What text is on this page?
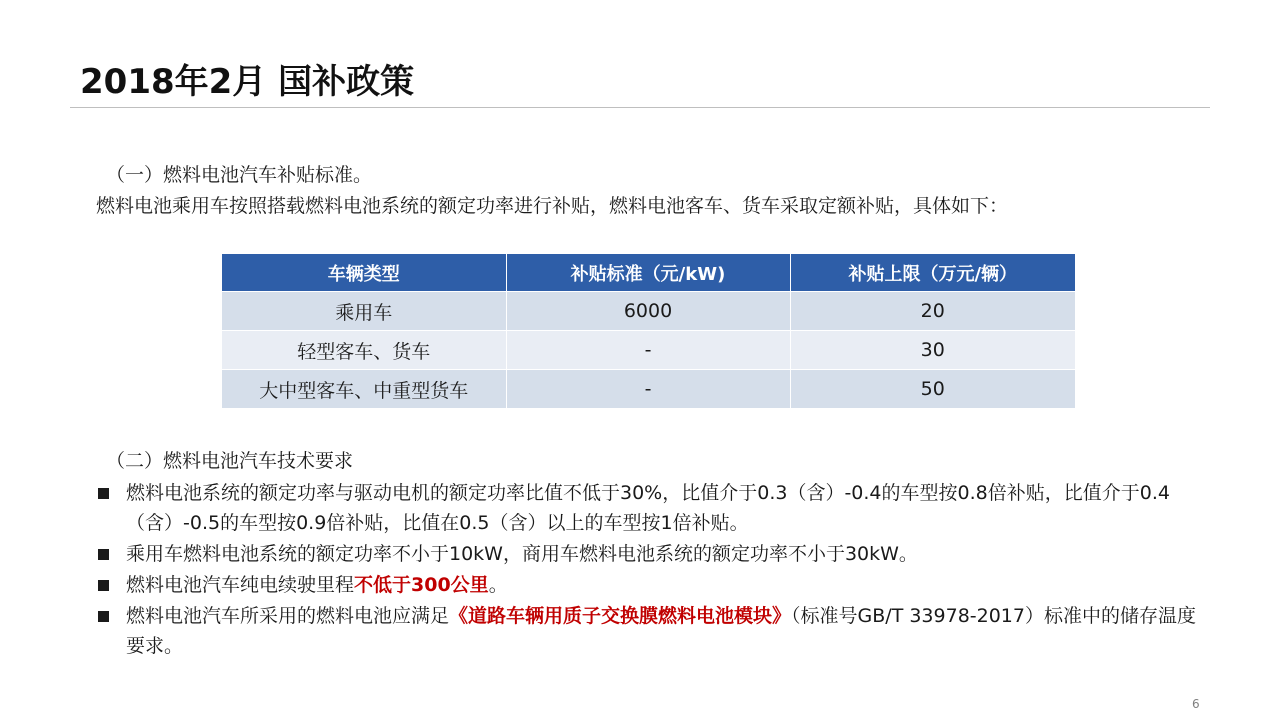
2018年2月 国补政策
（一）燃料电池汽车补贴标准。
燃料电池乘用车按照搭载燃料电池系统的额定功率进行补贴，燃料电池客车、货车采取定额补贴，具体如下：
车辆类型	补贴标准（元/kW)	补贴上限（万元/辆）
乘用车	6000	20
轻型客车、货车	-	30
大中型客车、中重型货车	-	50
（二）燃料电池汽车技术要求
燃料电池系统的额定功率与驱动电机的额定功率比值不低于30%，比值介于0.3（含）-0.4的车型按0.8倍补贴，比值介于0.4（含）-0.5的车型按0.9倍补贴，比值在0.5（含）以上的车型按1倍补贴。
乘用车燃料电池系统的额定功率不小于10kW，商用车燃料电池系统的额定功率不小于30kW。
燃料电池汽车纯电续驶里程不低于300公里。
燃料电池汽车所采用的燃料电池应满足《道路车辆用质子交换膜燃料电池模块》（标准号GB/T 33978-2017）标准中的储存温度要求。
6
